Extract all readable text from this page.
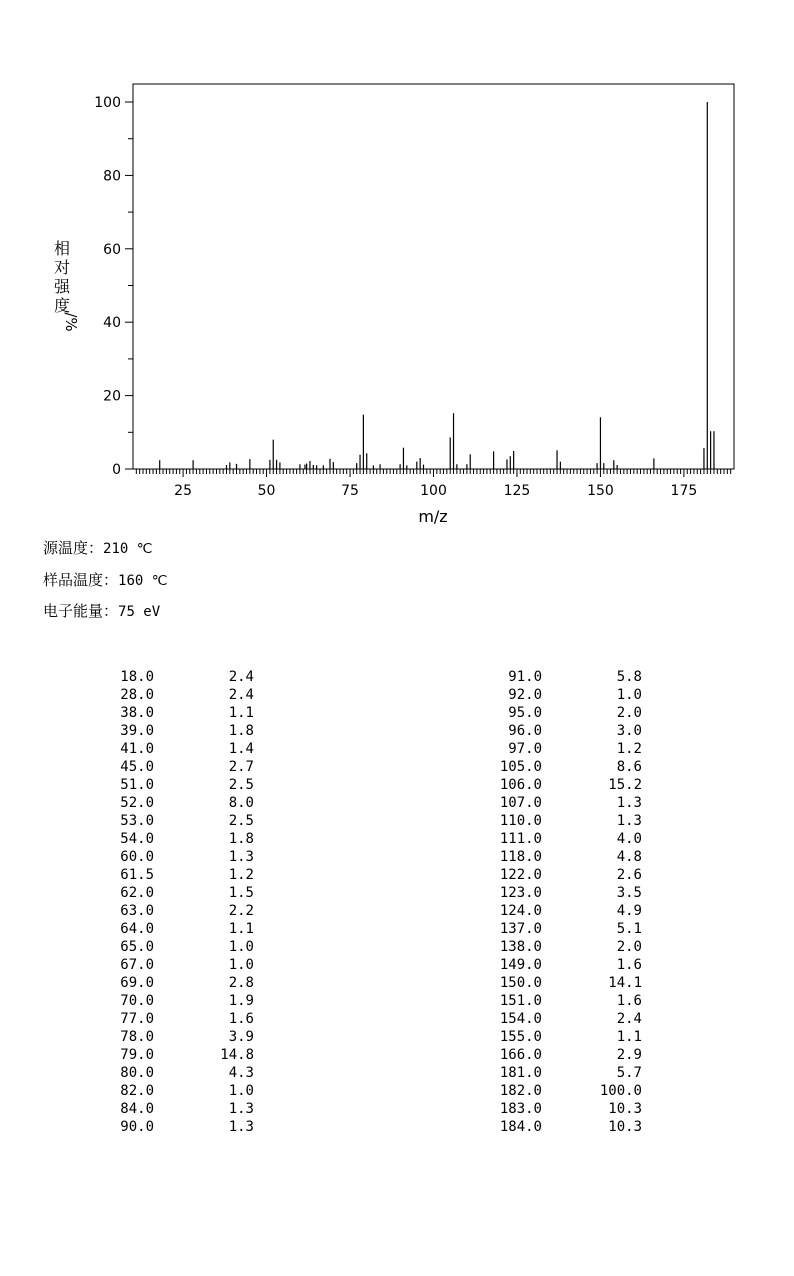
0
20
40
60
80
100
25	50	75	100	125	150	175
m/z
相
对
强
度
/%
源温度：210 ℃
样品温度：160 ℃
电子能量：75 eV
18.0	2.4
28.0	2.4
38.0	1.1
39.0	1.8
41.0	1.4
45.0	2.7
51.0	2.5
52.0	8.0
53.0	2.5
54.0	1.8
60.0	1.3
61.5	1.2
62.0	1.5
63.0	2.2
64.0	1.1
65.0	1.0
67.0	1.0
69.0	2.8
70.0	1.9
77.0	1.6
78.0	3.9
79.0	14.8
80.0	4.3
82.0	1.0
84.0	1.3
90.0	1.3
91.0	5.8
92.0	1.0
95.0	2.0
96.0	3.0
97.0	1.2
105.0	8.6
106.0	15.2
107.0	1.3
110.0	1.3
111.0	4.0
118.0	4.8
122.0	2.6
123.0	3.5
124.0	4.9
137.0	5.1
138.0	2.0
149.0	1.6
150.0	14.1
151.0	1.6
154.0	2.4
155.0	1.1
166.0	2.9
181.0	5.7
182.0	100.0
183.0	10.3
184.0	10.3
